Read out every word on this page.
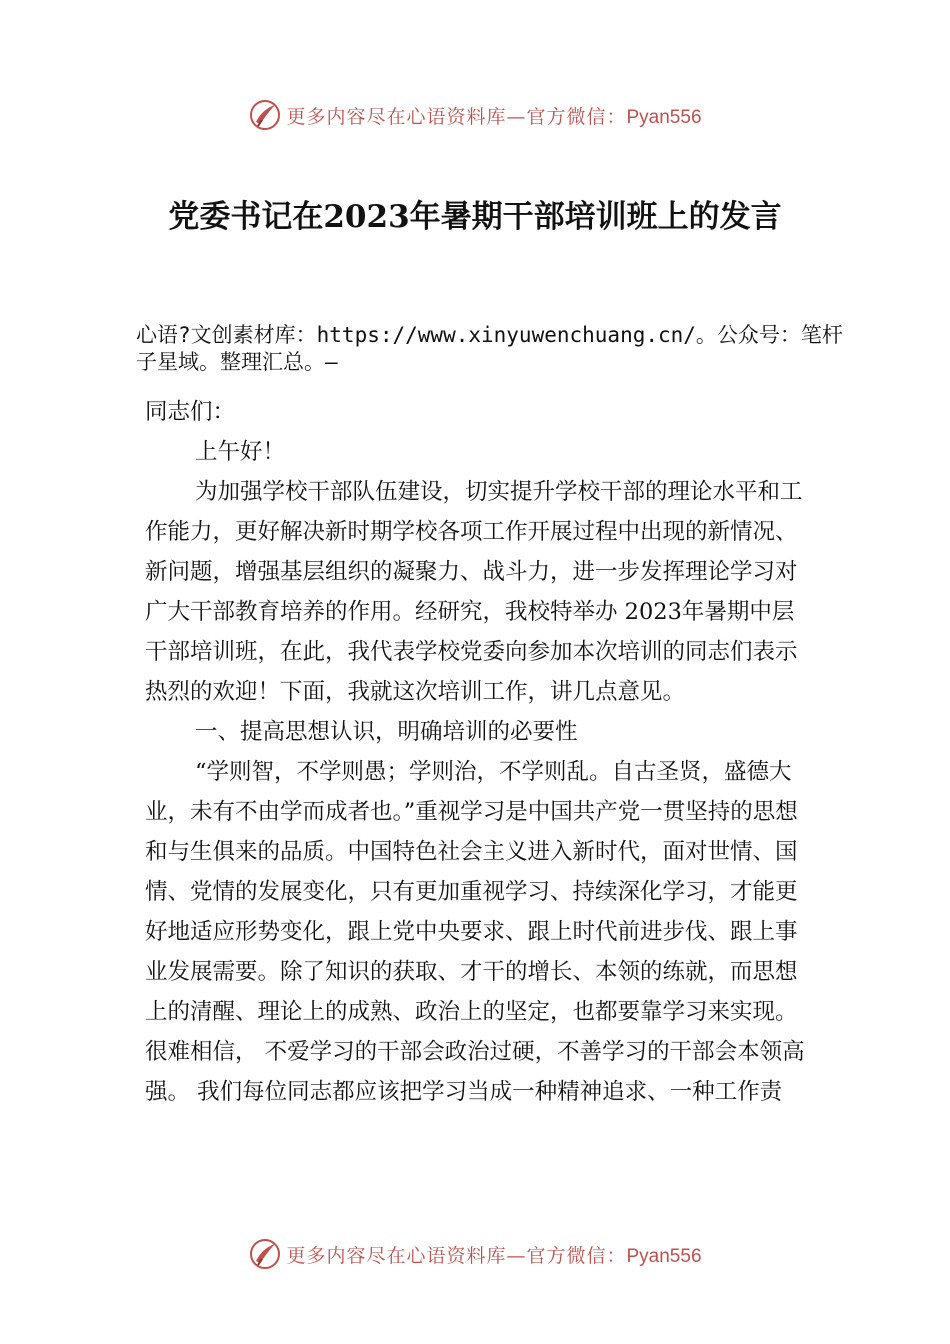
更多内容尽在心语资料库—官方微信：Pyan556
党委书记在2023年暑期干部培训班上的发言
心语?文创素材库：https://www.xinyuwenchuang.cn/。公众号：笔杆子星域。整理汇总。—

同志们：

上午好！

为加强学校干部队伍建设，切实提升学校干部的理论水平和工作能力，更好解决新时期学校各项工作开展过程中出现的新情况、新问题，增强基层组织的凝聚力、战斗力，进一步发挥理论学习对广大干部教育培养的作用。经研究，我校特举办 2023年暑期中层干部培训班，在此，我代表学校党委向参加本次培训的同志们表示热烈的欢迎！下面，我就这次培训工作，讲几点意见。

一、提高思想认识，明确培训的必要性

“学则智，不学则愚；学则治，不学则乱。自古圣贤，盛德大业，未有不由学而成者也。”重视学习是中国共产党一贯坚持的思想和与生俱来的品质。中国特色社会主义进入新时代，面对世情、国情、党情的发展变化，只有更加重视学习、持续深化学习，才能更好地适应形势变化，跟上党中央要求、跟上时代前进步伐、跟上事业发展需要。除了知识的获取、才干的增长、本领的练就，而思想上的清醒、理论上的成熟、政治上的坚定，也都要靠学习来实现。很难相信， 不爱学习的干部会政治过硬，不善学习的干部会本领高强。 我们每位同志都应该把学习当成一种精神追求、一种工作责

更多内容尽在心语资料库—官方微信：Pyan556
